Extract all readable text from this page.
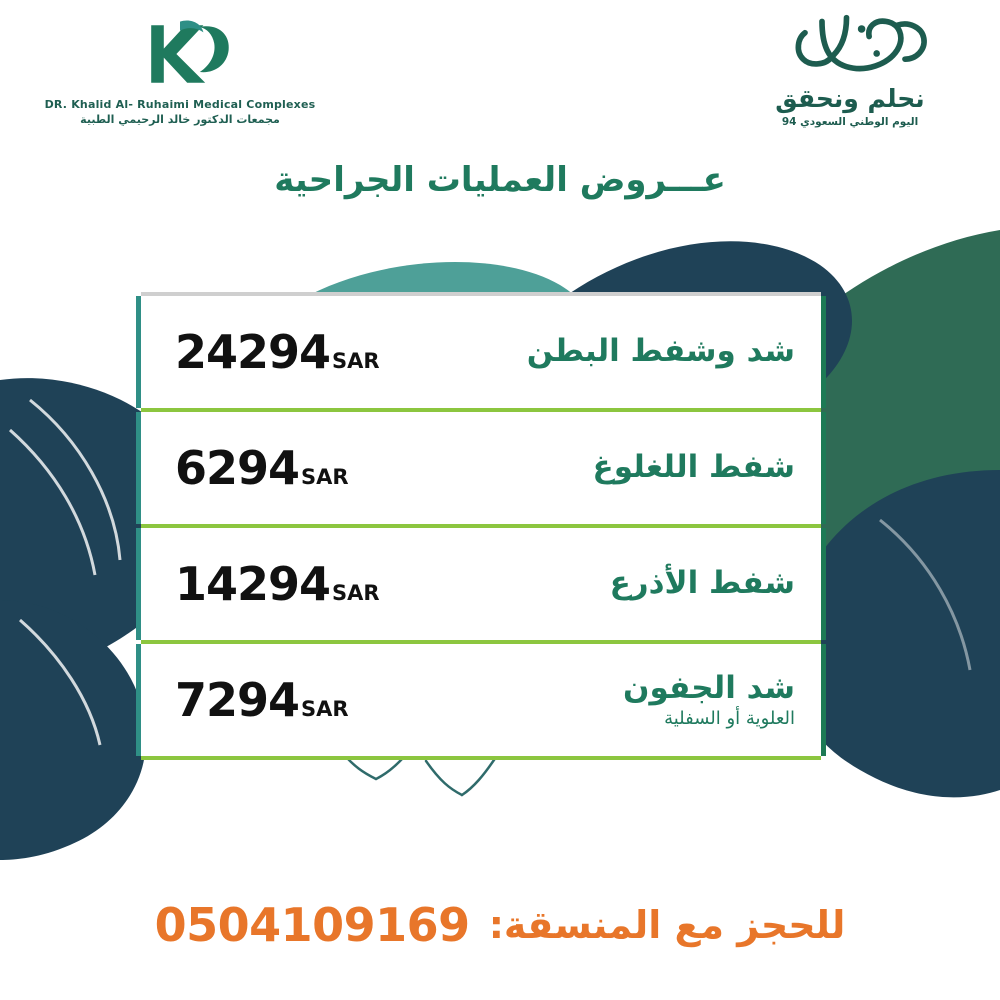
DR. Khalid Al- Ruhaimi Medical Complexes
مجمعات الدكتور خالد الرحيمي الطبية
نحلم ونحقق
اليوم الوطني السعودي 94
عـــروض العمليات الجراحية
شد وشفط البطن
24294 SAR
شفط اللغلوغ
6294 SAR
شفط الأذرع
14294 SAR
شد الجفون
العلوية أو السفلية
7294 SAR
للحجز مع المنسقة: 0504109169
